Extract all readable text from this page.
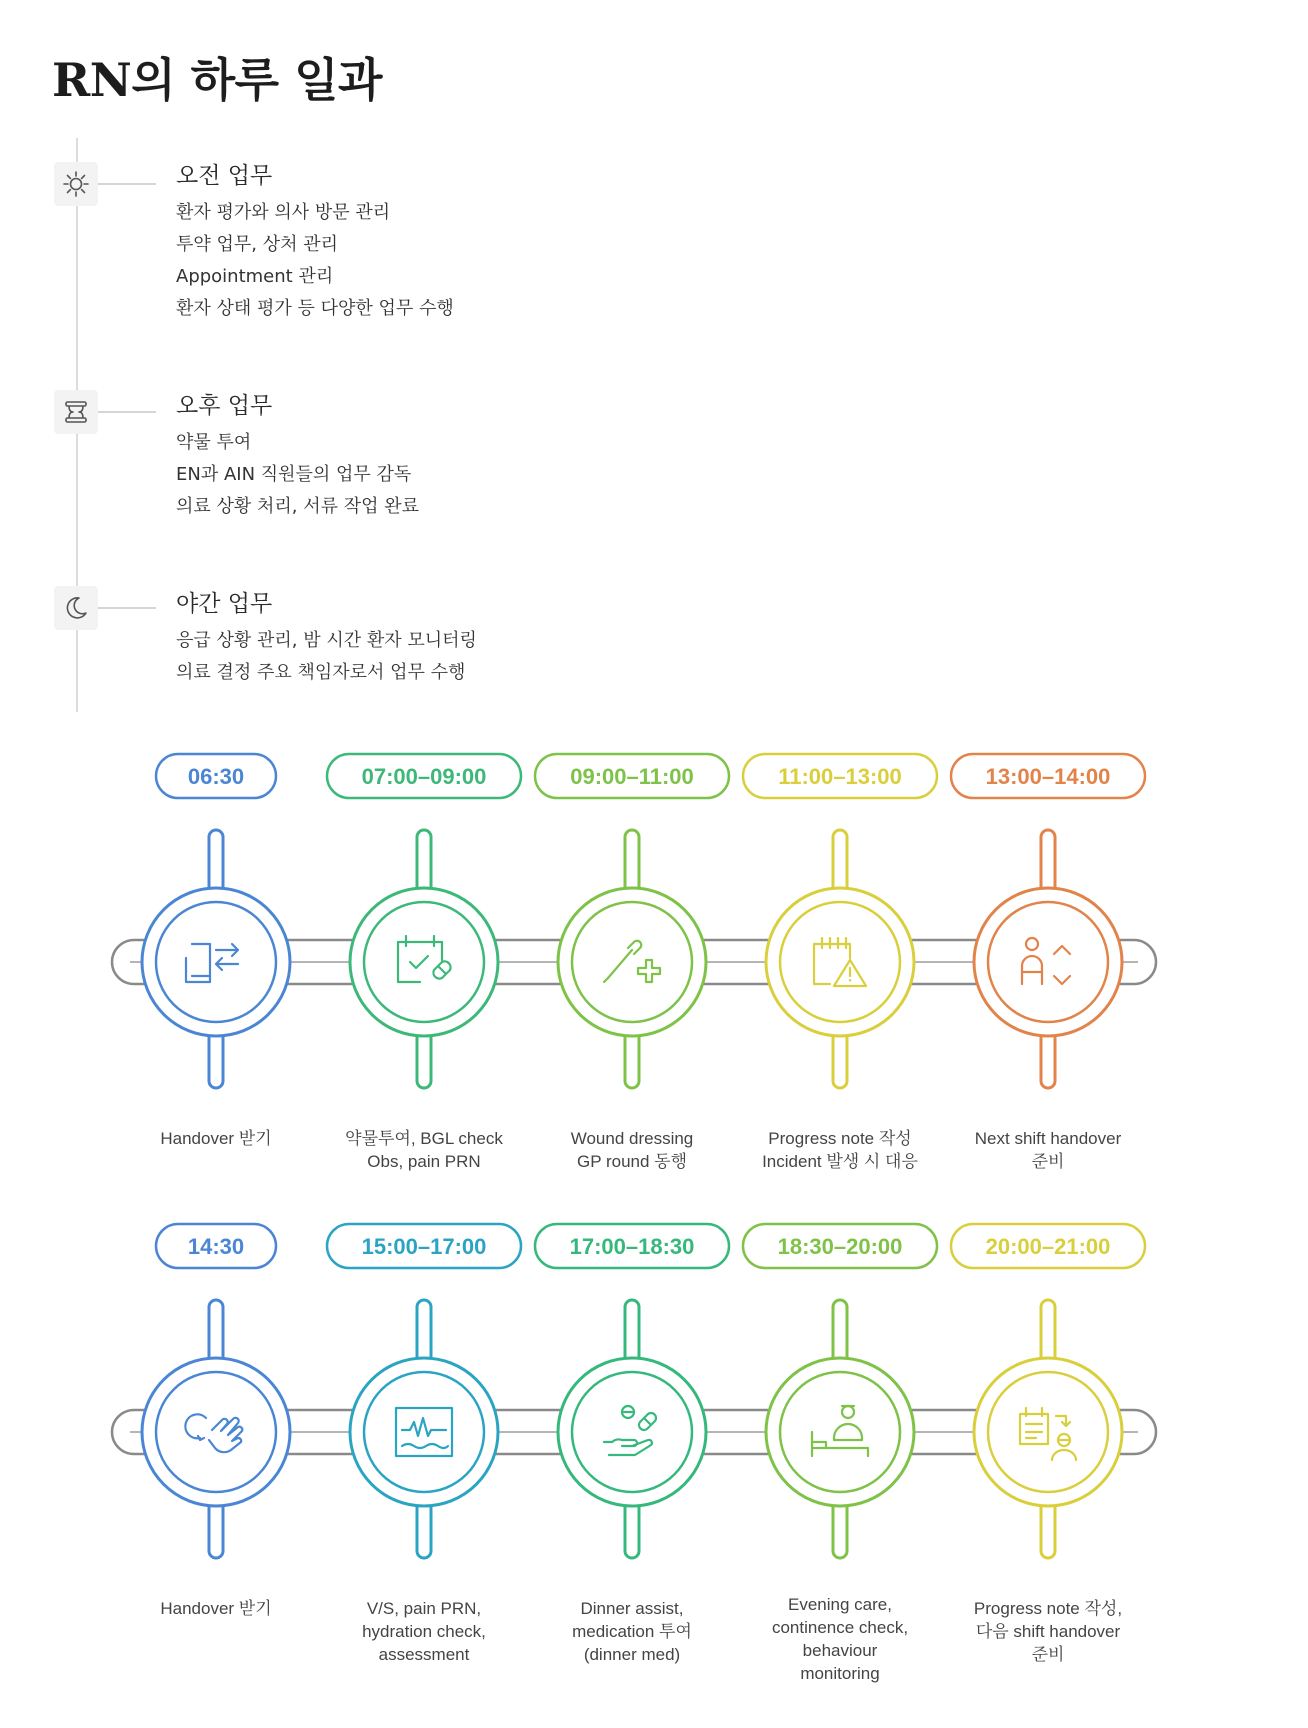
RN의 하루 일과
오전 업무
환자 평가와 의사 방문 관리
투약 업무, 상처 관리
Appointment 관리
환자 상태 평가 등 다양한 업무 수행
오후 업무
약물 투여
EN과 AIN 직원들의 업무 감독
의료 상황 처리, 서류 작업 완료
야간 업무
응급 상황 관리, 밤 시간 환자 모니터링
의료 결정 주요 책임자로서 업무 수행
06:30
Handover 받기
07:00–09:00
약물투여, BGL check Obs, pain PRN
09:00–11:00
Wound dressing GP round 동행
11:00–13:00
Progress note 작성 Incident 발생 시 대응
13:00–14:00
Next shift handover 준비
14:30
Handover 받기
15:00–17:00
V/S, pain PRN, hydration check, assessment
17:00–18:30
Dinner assist, medication 투여 (dinner med)
18:30–20:00
Evening care, continence check, behaviour monitoring
20:00–21:00
Progress note 작성, 다음 shift handover 준비
